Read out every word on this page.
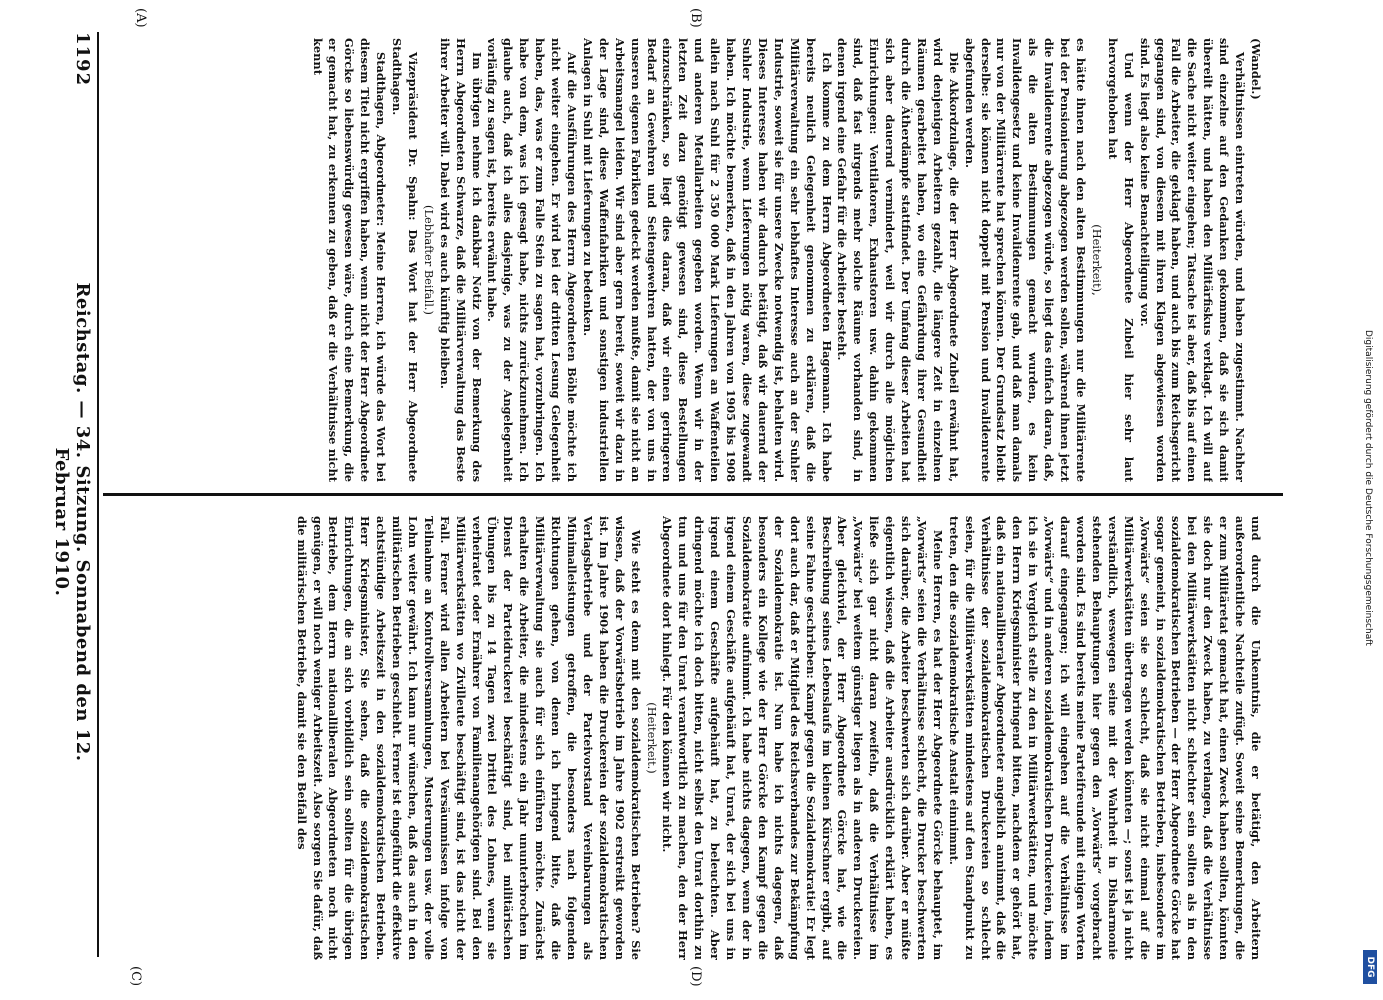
DFG
Digitalisierung gefördert durch die Deutsche Forschungsgemeinschaft

(Wandel.)

Verhältnissen eintreten würden, und haben zugestimmt. Nachher sind einzelne auf den Gedanken gekommen, daß sie sich damit übereilt hätten, und haben den Militärfiskus verklagt. Ich will auf die Sache nicht weiter eingehen; Tatsache ist aber, daß bis auf einen Fall die Arbeiter, die geklagt haben, und auch bis zum Reichsgericht gegangen sind, von diesem mit ihren Klagen abgewiesen worden sind. Es liegt also keine Benachteiligung vor.

Und wenn der Herr Abgeordnete Zubeil hier sehr laut hervorgehoben hat

(Heiterkeit),

es hätte ihnen nach den alten Bestimmungen nur die Militärrente bei der Pensionierung abgezogen werden sollen, während ihnen jetzt die Invalidenrente abgezogen würde, so liegt das einfach daran, daß, als die alten Bestimmungen gemacht wurden, es kein Invalidengesetz und keine Invalidenrente gab, und daß man damals nur von der Militärrente hat sprechen können. Der Grundsatz bleibt derselbe: sie können nicht doppelt mit Pension und Invalidenrente abgefunden werden.

Die Akkordzulage, die der Herr Abgeordnete Zubeil erwähnt hat, wird denjenigen Arbeitern gezahlt, die längere Zeit in einzelnen Räumen gearbeitet haben, wo eine Gefährdung ihrer Gesundheit durch die Ätherdämpfe stattfindet. Der Umfang dieser Arbeiten hat sich aber dauernd vermindert, weil wir durch alle möglichen Einrichtungen: Ventilatoren, Exhaustoren usw. dahin gekommen sind, daß fast nirgends mehr solche Räume vorhanden sind, in denen irgend eine Gefahr für die Arbeiter besteht.

Ich komme zu dem Herrn Abgeordneten Hagemann. Ich habe bereits neulich Gelegenheit genommen zu erklären, daß die Militärverwaltung ein sehr lebhaftes Interesse auch an der Suhler Industrie, soweit sie für unsere Zwecke notwendig ist, behalten wird. Dieses Interesse haben wir dadurch betätigt, daß wir dauernd der Suhler Industrie, wenn Lieferungen nötig waren, diese zugewandt haben. Ich möchte bemerken, daß in den Jahren von 1905 bis 1908 allein nach Suhl für 2 350 000 Mark Lieferungen an Waffenteilen und anderen Metallarbeiten gegeben worden. Wenn wir in der letzten Zeit dazu genötigt gewesen sind, diese Bestellungen einzuschränken, so liegt dies daran, daß wir einen geringeren Bedarf an Gewehren und Seitengewehren hatten, der von uns in unseren eigenen Fabriken gedeckt werden mußte, damit sie nicht an Arbeitsmangel leiden. Wir sind aber gern bereit, soweit wir dazu in der Lage sind, diese Waffenfabriken und sonstigen industriellen Anlagen in Suhl mit Lieferungen zu bedenken.

Auf die Ausführungen des Herrn Abgeordneten Böhle möchte ich nicht weiter eingehen. Er wird bei der dritten Lesung Gelegenheit haben, das, was er zum Falle Stein zu sagen hat, vorzubringen. Ich habe von dem, was ich gesagt habe, nichts zurückzunehmen. Ich glaube auch, daß ich alles dasjenige, was zu der Angelegenheit vorläufig zu sagen ist, bereits erwähnt habe.

Im übrigen nehme ich dankbar Notiz von der Bemerkung des Herrn Abgeordneten Schwarze, daß die Militärverwaltung das Beste ihrer Arbeiter will. Dabei wird es auch künftig bleiben.

(Lebhafter Beifall.)

Vizepräsident Dr. Spahn: Das Wort hat der Herr Abgeordnete Stadthagen.

Stadthagen, Abgeordneter: Meine Herren, ich würde das Wort bei diesem Titel nicht ergriffen haben, wenn nicht der Herr Abgeordnete Görcke so liebenswürdig gewesen wäre, durch eine Bemerkung, die er gemacht hat, zu erkennen zu geben, daß er die Verhältnisse nicht kennt

und durch die Unkenntnis, die er betätigt, den Arbeitern außerordentliche Nachteile zufügt. Soweit seine Bemerkungen, die er zum Militäretat gemacht hat, einen Zweck haben sollten, könnten sie doch nur den Zweck haben, zu verlangen, daß die Verhältnisse bei den Militärwerkstätten nicht schlechter sein sollten als in den sozialdemokratischen Betrieben — der Herr Abgeordnete Görcke hat sogar gemeint, in sozialdemokratischen Betrieben, insbesondere im „Vorwärts“ seien sie so schlecht, daß sie nicht einmal auf die Militärwerkstätten übertragen werden könnten —; sonst ist ja nicht verständlich, weswegen seine mit der Wahrheit in Disharmonie stehenden Behauptungen hier gegen den „Vorwärts“ vorgebracht worden sind. Es sind bereits meine Parteifreunde mit einigen Worten darauf eingegangen; ich will eingehen auf die Verhältnisse im „Vorwärts“ und in anderen sozialdemokratischen Druckereien, indem ich sie in Vergleich stelle zu den in Militärwerkstätten, und möchte den Herrn Kriegsminister bringend bitten, nachdem er gehört hat, daß ein nationalliberaler Abgeordneter angeblich annimmt, daß die Verhältnisse der sozialdemokratischen Druckereien so schlecht seien, für die Militärwerkstätten mindestens auf den Standpunkt zu treten, den die sozialdemokratische Anstalt einnimmt.

Meine Herren, es hat der Herr Abgeordnete Görcke behauptet, im „Vorwärts“ seien die Verhältnisse schlecht, die Drucker beschwerten sich darüber, die Arbeiter beschwerten sich darüber. Aber er müßte eigentlich wissen, daß die Arbeiter ausdrücklich erklärt haben, es ließe sich gar nicht daran zweifeln, daß die Verhältnisse im „Vorwärts“ bei weitem günstiger liegen als in anderen Druckereien. Aber gleichviel, der Herr Abgeordnete Görcke hat, wie die Beschreibung seines Lebenslaufs im kleinen Kürschner ergibt, auf seine Fahne geschrieben: Kampf gegen die Sozialdemokratie! Er legt dort auch dar, daß er Mitglied des Reichsverbandes zur Bekämpfung der Sozialdemokratie ist. Nun habe ich nichts dagegen, daß besonders ein Kollege wie der Herr Görcke den Kampf gegen die Sozialdemokratie aufnimmt. Ich habe nichts dagegen, wenn der in irgend einem Geschäfte aufgehäuft hat, Unrat, der sich bei uns in irgend einem Geschäfte aufgehäuft hat, zu beleuchten. Aber dringend möchte ich doch bitten, nicht selbst den Unrat dorthin zu tun und uns für den Unrat verantwortlich zu machen, den der Herr Abgeordnete dort hinlegt. Für den können wir nicht.

(Heiterkeit.)

Wie steht es denn mit den sozialdemokratischen Betrieben? Sie wissen, daß der Vorwärtsbetrieb im Jahre 1902 erstreikt geworden ist. Im Jahre 1904 haben die Druckereien der sozialdemokratischen Verlagsbetriebe und der Parteivorstand Vereinbarungen als Minimalleistungen getroffen, die besonders nach folgenden Richtungen gehen, von denen ich bringend bitte, daß die Militärverwaltung sie auch für sich einführen möchte. Zunächst erhalten die Arbeiter, die mindestens ein Jahr ununterbrochen im Dienst der Parteidruckerei beschäftigt sind, bei militärischen Übungen bis zu 14 Tagen zwei Drittel des Lohnes, wenn sie verheiratet oder Ernährer von Familienangehörigen sind. Bei den Militärwerkstätten wo Zivilleute beschäftigt sind, ist das nicht der Fall. Ferner wird allen Arbeitern bei Versäumnissen infolge von Teilnahme an Kontrollversammlungen, Musterungen usw. der volle Lohn weiter gewährt. Ich kann nur wünschen, daß das auch in den militärischen Betrieben geschieht. Ferner ist eingeführt die effektive achtstündige Arbeitszeit in den sozialdemokratischen Betrieben. Herr Kriegsminister, Sie sehen, daß die sozialdemokratischen Einrichtungen, die an sich vorbildlich sein sollten für die übrigen Betriebe, dem Herrn nationalliberalen Abgeordneten noch nicht genügen, er will noch weniger Arbeitszeit. Also sorgen Sie dafür, daß die militärischen Betriebe, damit sie den Beifall des

(A)	(B)
(C)	(D)
1192
Reichstag. — 34. Sitzung. Sonnabend den 12. Februar 1910.
